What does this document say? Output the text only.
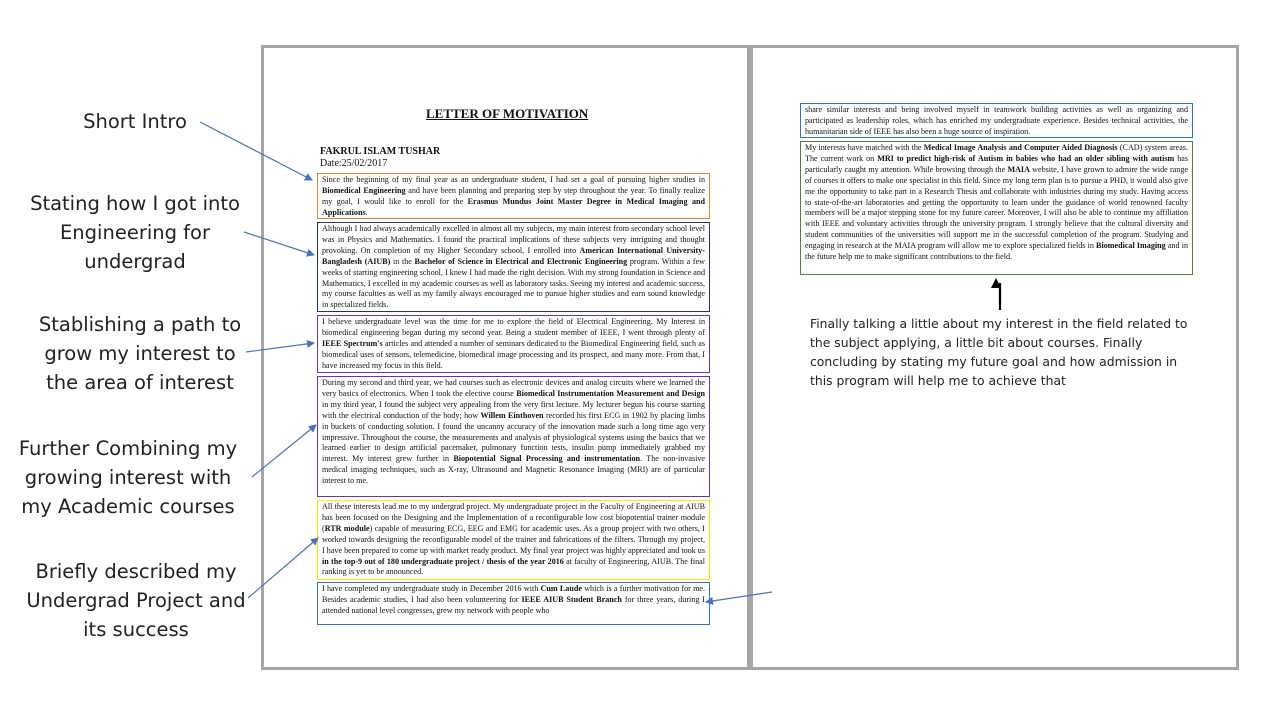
Short Intro
Stating how I got into Engineering for undergrad
Stablishing a path to grow my interest to the area of interest
Further Combining my growing interest with my Academic courses
Briefly described my Undergrad Project and its success
LETTER OF MOTIVATION
FAKRUL ISLAM TUSHAR
Date:25/02/2017
Since the beginning of my final year as an undergraduate student, I had set a goal of pursuing higher studies in Biomedical Engineering and have been planning and preparing step by step throughout the year. To finally realize my goal, I would like to enroll for the Erasmus Mundus Joint Master Degree in Medical Imaging and Applications.
Although I had always academically excelled in almost all my subjects, my main interest from secondary school level was in Physics and Mathematics. I found the practical implications of these subjects very intriguing and thought provoking. On completion of my Higher Secondary school, I enrolled into American International University-Bangladesh (AIUB) in the Bachelor of Science in Electrical and Electronic Engineering program. Within a few weeks of starting engineering school, I knew I had made the right decision. With my strong foundation in Science and Mathematics, I excelled in my academic courses as well as laboratory tasks. Seeing my interest and academic success, my course faculties as well as my family always encouraged me to pursue higher studies and earn sound knowledge in specialized fields.
I believe undergraduate level was the time for me to explore the field of Electrical Engineering. My Interest in biomedical engineering began during my second year. Being a student member of IEEE, I went through plenty of IEEE Spectrum's articles and attended a number of seminars dedicated to the Biomedical Engineering field, such as biomedical uses of sensors, telemedicine, biomedical image processing and its prospect, and many more. From that, I have increased my focus in this field.
During my second and third year, we had courses such as electronic devices and analog circuits where we learned the very basics of electronics. When I took the elective course Biomedical Instrumentation Measurement and Design in my third year, I found the subject very appealing from the very first lecture. My lecturer begun his course starting with the electrical conduction of the body; how Willem Einthoven recorded his first ECG in 1902 by placing limbs in buckets of conducting solution. I found the uncanny accuracy of the innovation made such a long time ago very impressive. Throughout the course, the measurements and analysis of physiological systems using the basics that we learned earlier to design artificial pacemaker, pulmonary function tests, insulin pump immediately grabbed my interest. My interest grew further in Biopotential Signal Processing and instrumentation. The non-invasive medical imaging techniques, such as X-ray, Ultrasound and Magnetic Resonance Imaging (MRI) are of particular interest to me.
All these interests lead me to my undergrad project. My undergraduate project in the Faculty of Engineering at AIUB has been focused on the Designing and the Implementation of a reconfigurable low cost biopotential trainer module (RTR module) capable of measuring ECG, EEG and EMG for academic uses. As a group project with two others, I worked towards designing the reconfigurable model of the trainer and fabrications of the filters. Through my project, I have been prepared to come up with market ready product. My final year project was highly appreciated and took us in the top-9 out of 180 undergraduate project / thesis of the year 2016 at faculty of Engineering, AIUB. The final ranking is yet to be announced.
I have completed my undergraduate study in December 2016 with Cum Laude which is a further motivation for me. Besides academic studies, I had also been volunteering for IEEE AIUB Student Branch for three years, during I attended national level congresses, grew my network with people who
share similar interests and being involved myself in teamwork building activities as well as organizing and participated as leadership roles, which has enriched my undergraduate experience. Besides technical activities, the humanitarian side of IEEE has also been a huge source of inspiration.
My interests have matched with the Medical Image Analysis and Computer Aided Diagnosis (CAD) system areas. The current work on MRI to predict high-risk of Autism in babies who had an older sibling with autism has particularly caught my attention. While browsing through the MAIA website, I have grown to admire the wide range of courses it offers to make one specialist in this field. Since my long term plan is to pursue a PHD, it would also give me the opportunity to take part in a Research Thesis and collaborate with industries during my study. Having access to state-of-the-art laboratories and getting the opportunity to learn under the guidance of world renowned faculty members will be a major stepping stone for my future career. Moreover, I will also be able to continue my affiliation with IEEE and voluntary activities through the university program. I strongly believe that the cultural diversity and student communities of the universities will support me in the successful completion of the program. Studying and engaging in research at the MAIA program will allow me to explore specialized fields in Biomedical Imaging and in the future help me to make significant contributions to the field.
Finally talking a little about my interest in the field related to the subject applying, a little bit about courses. Finally concluding by stating my future goal and how admission in this program will help me to achieve that
